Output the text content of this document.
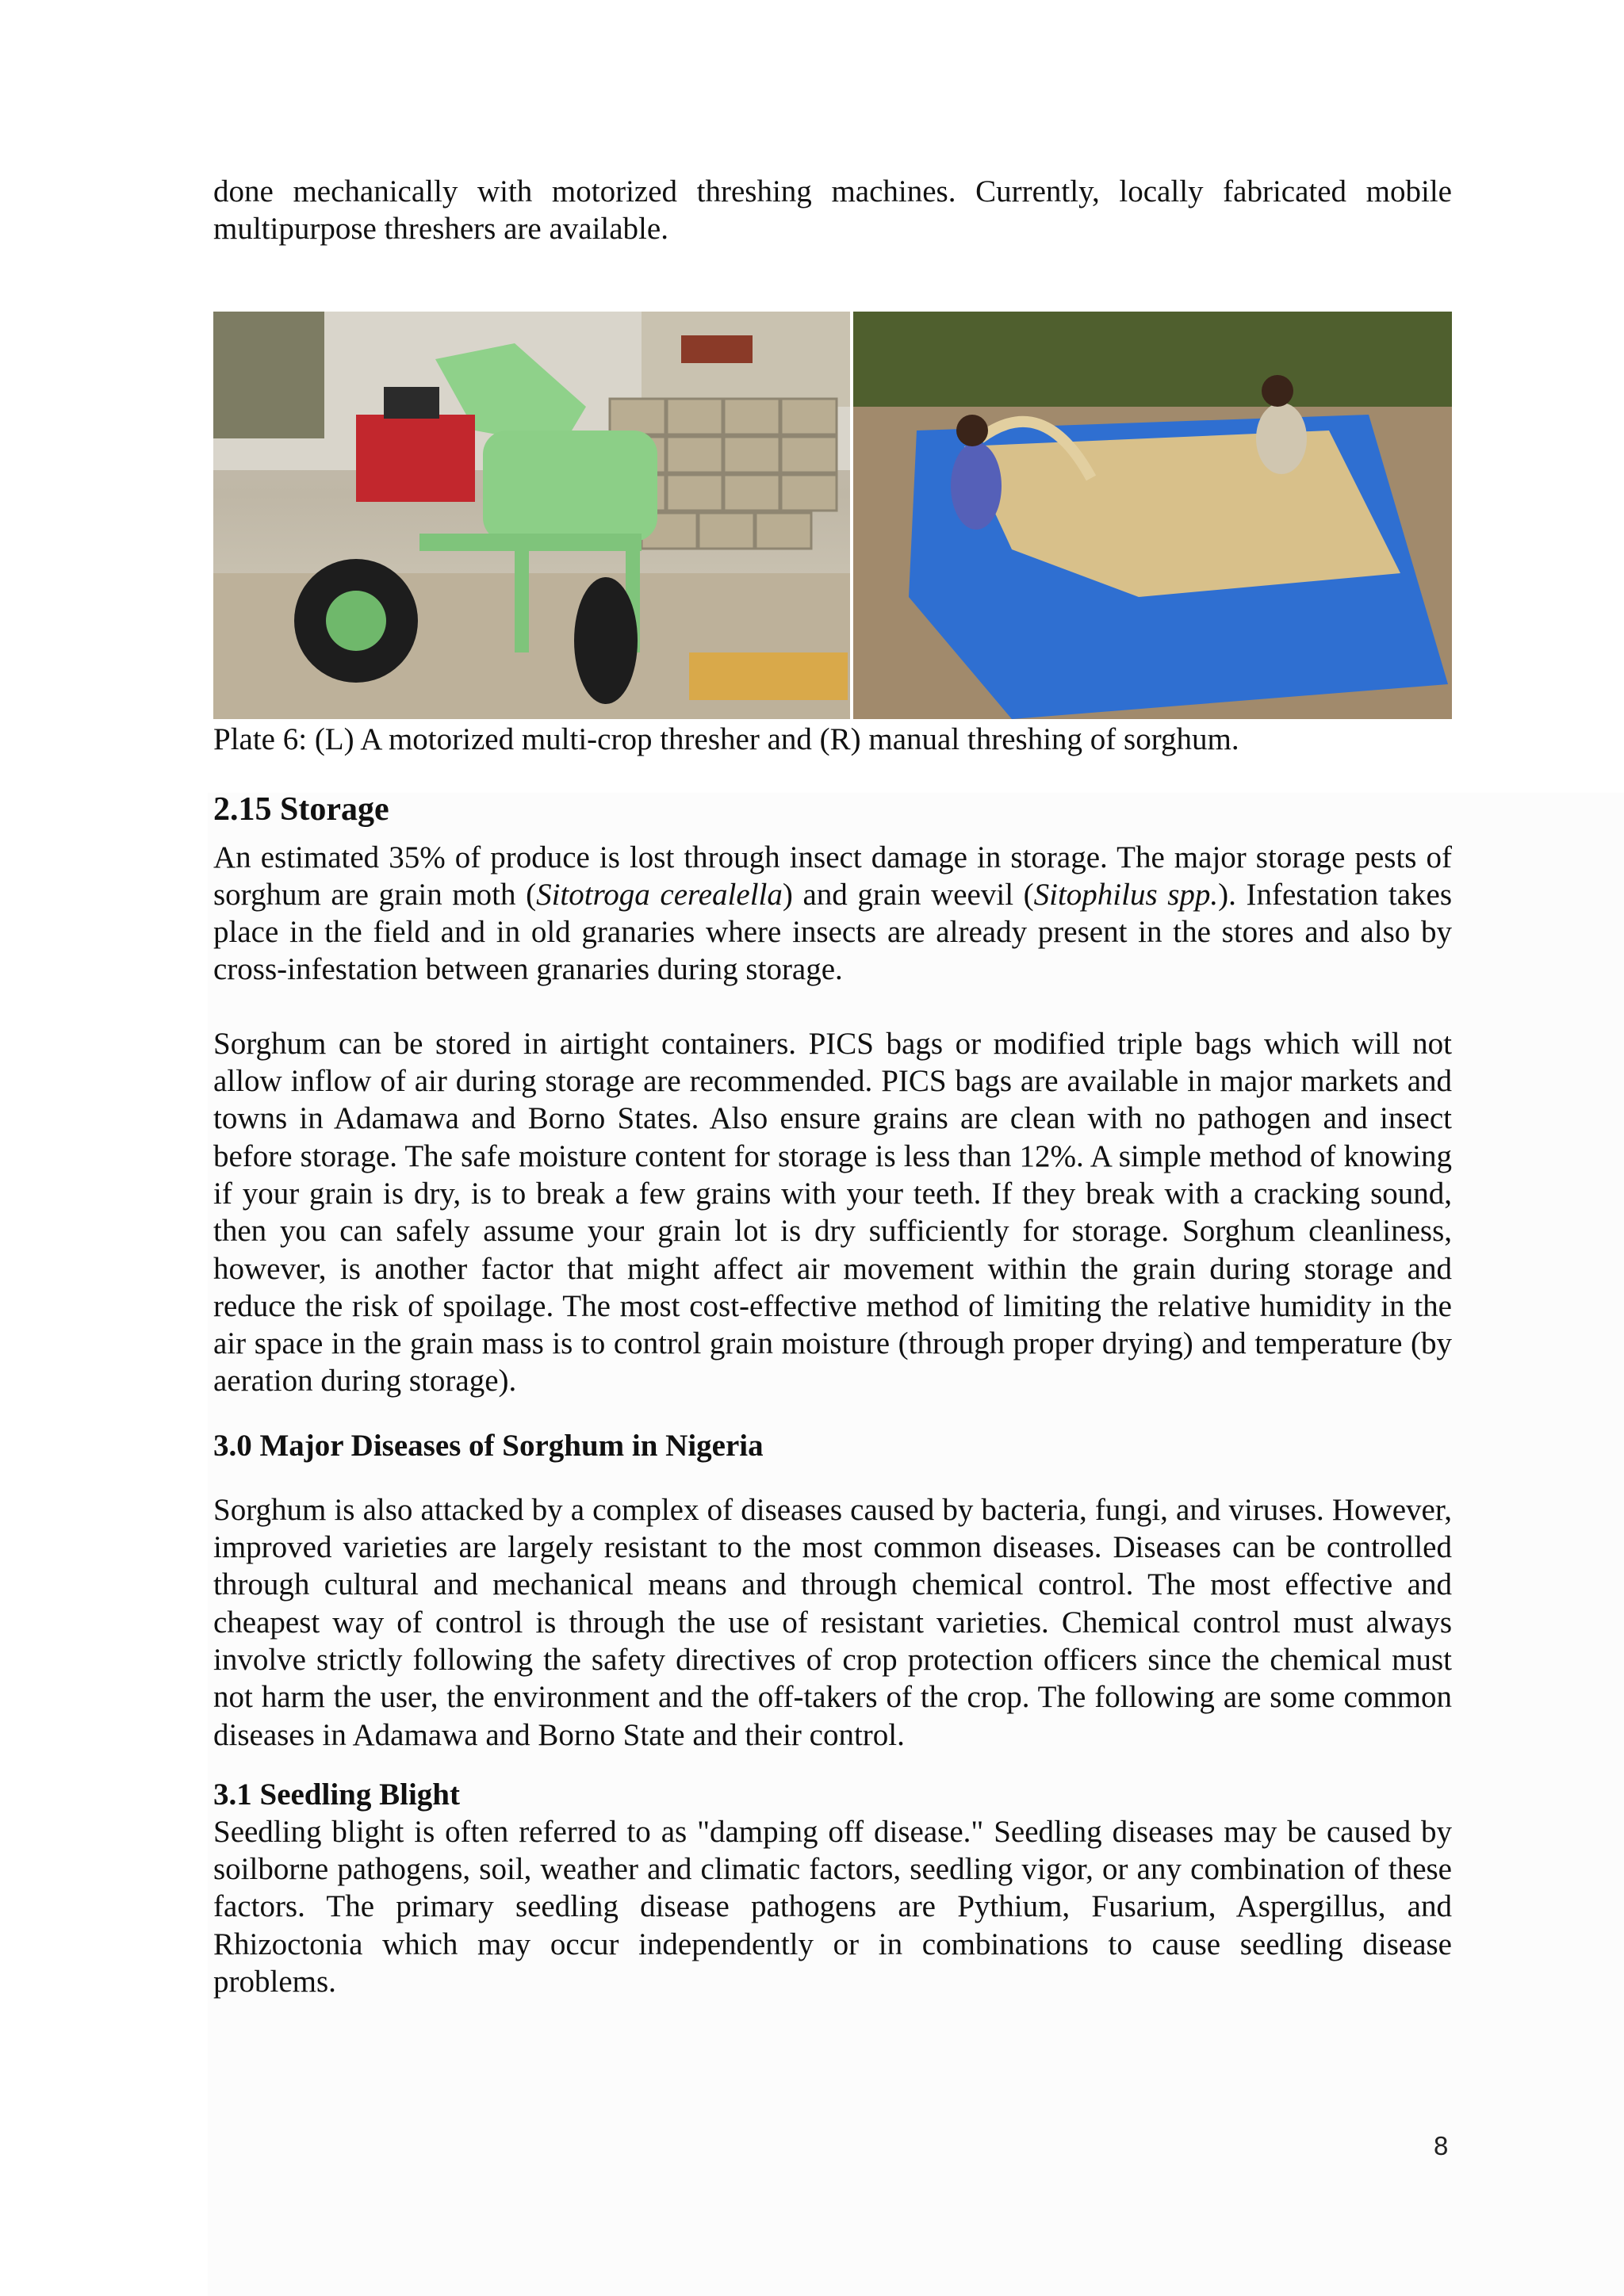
done mechanically with motorized threshing machines. Currently, locally fabricated mobile multipurpose threshers are available.

Plate 6: (L) A motorized multi-crop thresher and (R) manual threshing of sorghum.
2.15 Storage

An estimated 35% of produce is lost through insect damage in storage. The major storage pests of sorghum are grain moth (Sitotroga cerealella) and grain weevil (Sitophilus spp.). Infestation takes place in the field and in old granaries where insects are already present in the stores and also by cross-infestation between granaries during storage.

Sorghum can be stored in airtight containers. PICS bags or modified triple bags which will not allow inflow of air during storage are recommended. PICS bags are available in major markets and towns in Adamawa and Borno States. Also ensure grains are clean with no pathogen and insect before storage. The safe moisture content for storage is less than 12%. A simple method of knowing if your grain is dry, is to break a few grains with your teeth. If they break with a cracking sound, then you can safely assume your grain lot is dry sufficiently for storage. Sorghum cleanliness, however, is another factor that might affect air movement within the grain during storage and reduce the risk of spoilage. The most cost-effective method of limiting the relative humidity in the air space in the grain mass is to control grain moisture (through proper drying) and temperature (by aeration during storage).

3.0 Major Diseases of Sorghum in Nigeria

Sorghum is also attacked by a complex of diseases caused by bacteria, fungi, and viruses. However, improved varieties are largely resistant to the most common diseases. Diseases can be controlled through cultural and mechanical means and through chemical control. The most effective and cheapest way of control is through the use of resistant varieties. Chemical control must always involve strictly following the safety directives of crop protection officers since the chemical must not harm the user, the environment and the off-takers of the crop. The following are some common diseases in Adamawa and Borno State and their control.

3.1 Seedling Blight

Seedling blight is often referred to as "damping off disease." Seedling diseases may be caused by soilborne pathogens, soil, weather and climatic factors, seedling vigor, or any combination of these factors. The primary seedling disease pathogens are Pythium, Fusarium, Aspergillus, and Rhizoctonia which may occur independently or in combinations to cause seedling disease problems.

8
